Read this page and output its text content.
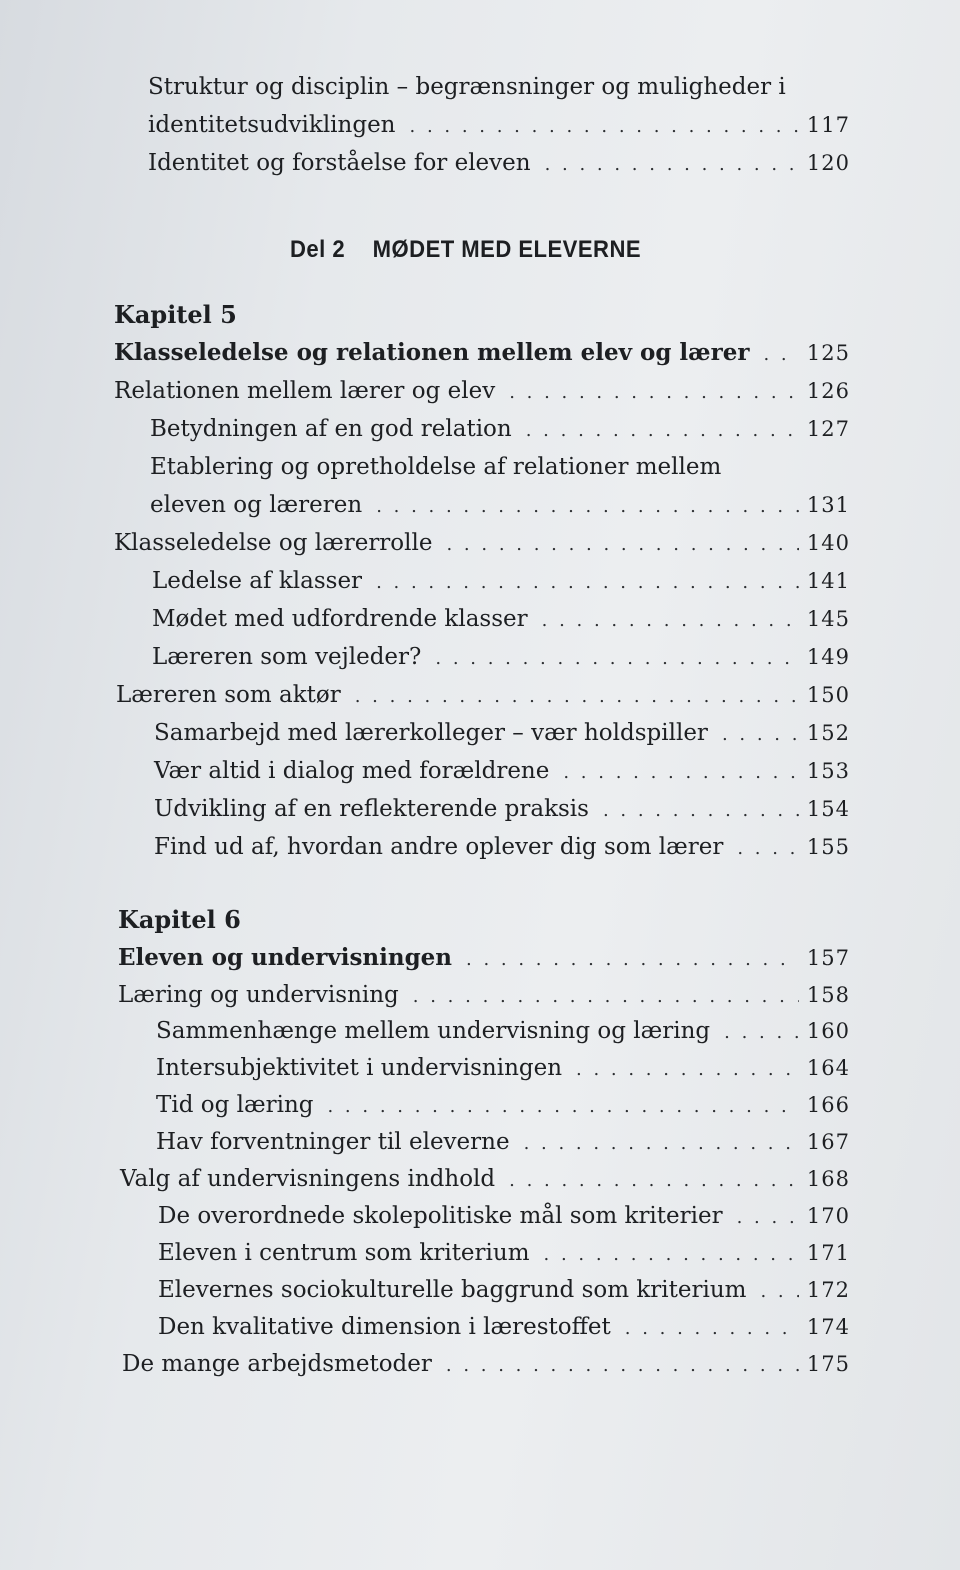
Struktur og disciplin – begrænsninger og muligheder i
identitetsudviklingen . . .	117
Identitet og forståelse for eleven . . .	120
Del 2 MØDET MED ELEVERNE
Kapitel 5
Klasseledelse og relationen mellem elev og lærer . . .	125
Relationen mellem lærer og elev . . .	126
Betydningen af en god relation . . .	127
Etablering og opretholdelse af relationer mellem
eleven og læreren . . .	131
Klasseledelse og lærerrolle . . .	140
Ledelse af klasser . . .	141
Mødet med udfordrende klasser . . .	145
Læreren som vejleder? . . .	149
Læreren som aktør . . .	150
Samarbejd med lærerkolleger – vær holdspiller . . .	152
Vær altid i dialog med forældrene . . .	153
Udvikling af en reflekterende praksis . . .	154
Find ud af, hvordan andre oplever dig som lærer . . .	155
Kapitel 6
Eleven og undervisningen . . .	157
Læring og undervisning . . .	158
Sammenhænge mellem undervisning og læring . . .	160
Intersubjektivitet i undervisningen . . .	164
Tid og læring . . .	166
Hav forventninger til eleverne . . .	167
Valg af undervisningens indhold . . .	168
De overordnede skolepolitiske mål som kriterier . . .	170
Eleven i centrum som kriterium . . .	171
Elevernes sociokulturelle baggrund som kriterium . . .	172
Den kvalitative dimension i lærestoffet . . .	174
De mange arbejdsmetoder . . .	175
